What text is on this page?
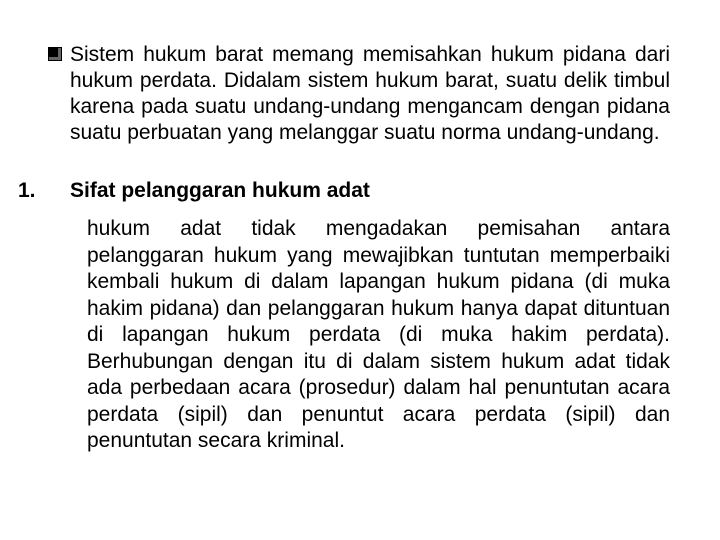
Sistem hukum barat memang memisahkan hukum pidana dari hukum perdata. Didalam sistem hukum barat, suatu delik timbul karena pada suatu undang-undang mengancam dengan pidana suatu perbuatan yang melanggar suatu norma undang-undang.
1. Sifat pelanggaran hukum adat
hukum adat tidak mengadakan pemisahan antara pelanggaran hukum yang mewajibkan tuntutan memperbaiki kembali hukum di dalam lapangan hukum pidana (di muka hakim pidana) dan pelanggaran hukum hanya dapat dituntuan di lapangan hukum perdata (di muka hakim perdata). Berhubungan dengan itu di dalam sistem hukum adat tidak ada perbedaan acara (prosedur) dalam hal penuntutan acara perdata (sipil) dan penuntut acara perdata (sipil) dan penuntutan secara kriminal.
